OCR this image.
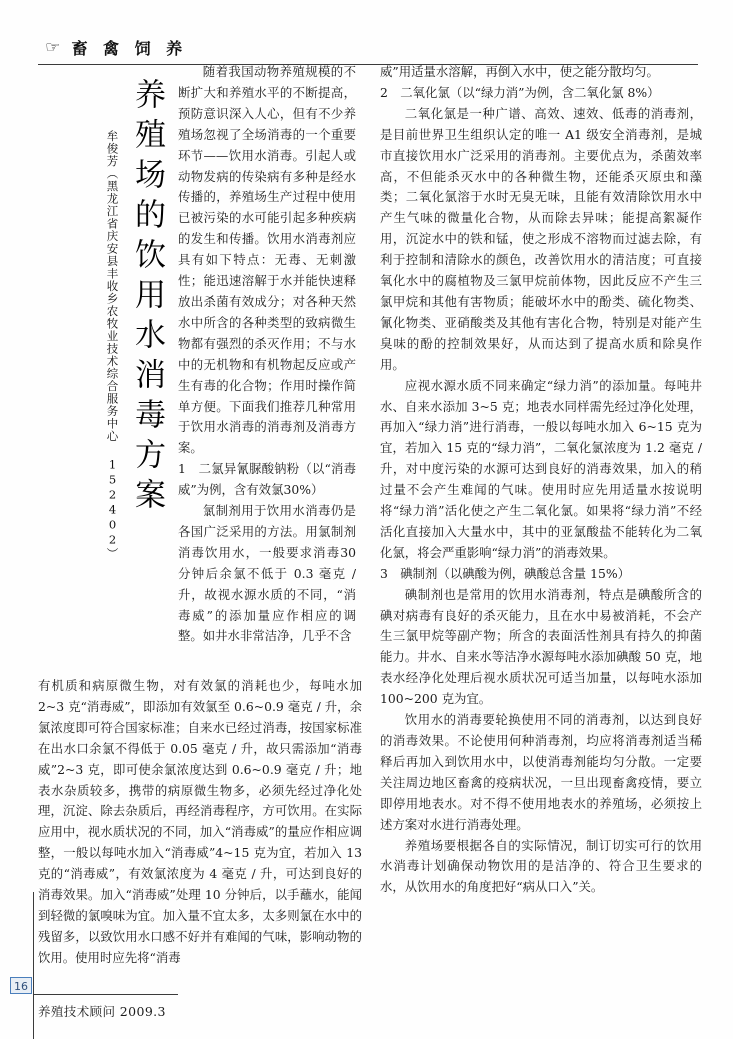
☞ 畜 禽 饲 养
养殖场的饮用水消毒方案
牟俊芳（黑龙江省庆安县丰收乡农牧业技术综合服务中心 152402）

随着我国动物养殖规模的不断扩大和养殖水平的不断提高，预防意识深入人心，但有不少养殖场忽视了全场消毒的一个重要环节——饮用水消毒。引起人或动物发病的传染病有多种是经水传播的，养殖场生产过程中使用已被污染的水可能引起多种疾病的发生和传播。饮用水消毒剂应具有如下特点：无毒、无刺激性；能迅速溶解于水并能快速释放出杀菌有效成分；对各种天然水中所含的各种类型的致病微生物都有强烈的杀灭作用；不与水中的无机物和有机物起反应或产生有毒的化合物；作用时操作简单方便。下面我们推荐几种常用于饮用水消毒的消毒剂及消毒方案。

1　二氯异氰脲酸钠粉（以“消毒威”为例，含有效氯30%）

氯制剂用于饮用水消毒仍是各国广泛采用的方法。用氯制剂消毒饮用水，一般要求消毒30 分钟后余氯不低于 0.3 毫克 / 升，故视水源水质的不同，“消毒威”的添加量应作相应的调整。如井水非常洁净，几乎不含

有机质和病原微生物，对有效氯的消耗也少，每吨水加 2~3 克“消毒威”，即添加有效氯至 0.6~0.9 毫克 / 升，余氯浓度即可符合国家标准；自来水已经过消毒，按国家标准在出水口余氯不得低于 0.05 毫克 / 升，故只需添加“消毒威”2~3 克，即可使余氯浓度达到 0.6~0.9 毫克 / 升；地表水杂质较多，携带的病原微生物多，必须先经过净化处理，沉淀、除去杂质后，再经消毒程序，方可饮用。在实际应用中，视水质状况的不同，加入“消毒威”的量应作相应调整，一般以每吨水加入“消毒威”4~15 克为宜，若加入 13 克的“消毒威”，有效氯浓度为 4 毫克 / 升，可达到良好的消毒效果。加入“消毒威”处理 10 分钟后，以手蘸水，能闻到轻微的氯嗅味为宜。加入量不宜太多，太多则氯在水中的残留多，以致饮用水口感不好并有难闻的气味，影响动物的饮用。使用时应先将“消毒

威”用适量水溶解，再倒入水中，使之能分散均匀。

2　二氧化氯（以“绿力消”为例，含二氧化氯 8%）

二氧化氯是一种广谱、高效、速效、低毒的消毒剂，是目前世界卫生组织认定的唯一 A1 级安全消毒剂，是城市直接饮用水广泛采用的消毒剂。主要优点为，杀菌效率高，不但能杀灭水中的各种微生物，还能杀灭原虫和藻类；二氧化氯溶于水时无臭无味，且能有效清除饮用水中产生气味的微量化合物，从而除去异味；能提高絮凝作用，沉淀水中的铁和锰，使之形成不溶物而过滤去除，有利于控制和清除水的颜色，改善饮用水的清洁度；可直接氧化水中的腐植物及三氯甲烷前体物，因此反应不产生三氯甲烷和其他有害物质；能破坏水中的酚类、硫化物类、氰化物类、亚硝酸类及其他有害化合物，特别是对能产生臭味的酚的控制效果好，从而达到了提高水质和除臭作用。

应视水源水质不同来确定“绿力消”的添加量。每吨井水、自来水添加 3~5 克；地表水同样需先经过净化处理，再加入“绿力消”进行消毒，一般以每吨水加入 6~15 克为宜，若加入 15 克的“绿力消”，二氧化氯浓度为 1.2 毫克 / 升，对中度污染的水源可达到良好的消毒效果，加入的稍过量不会产生难闻的气味。使用时应先用适量水按说明将“绿力消”活化使之产生二氧化氯。如果将“绿力消”不经活化直接加入大量水中，其中的亚氯酸盐不能转化为二氧化氯，将会严重影响“绿力消”的消毒效果。

3　碘制剂（以碘酸为例，碘酸总含量 15%）

碘制剂也是常用的饮用水消毒剂，特点是碘酸所含的碘对病毒有良好的杀灭能力，且在水中易被消耗，不会产生三氯甲烷等副产物；所含的表面活性剂具有持久的抑菌能力。井水、自来水等洁净水源每吨水添加碘酸 50 克，地表水经净化处理后视水质状况可适当加量，以每吨水添加 100~200 克为宜。

饮用水的消毒要轮换使用不同的消毒剂，以达到良好的消毒效果。不论使用何种消毒剂，均应将消毒剂适当稀释后再加入到饮用水中，以使消毒剂能均匀分散。一定要关注周边地区畜禽的疫病状况，一旦出现畜禽疫情，要立即停用地表水。对不得不使用地表水的养殖场，必须按上述方案对水进行消毒处理。

养殖场要根据各自的实际情况，制订切实可行的饮用水消毒计划确保动物饮用的是洁净的、符合卫生要求的水，从饮用水的角度把好“病从口入”关。

16
养殖技术顾问 2009.3
